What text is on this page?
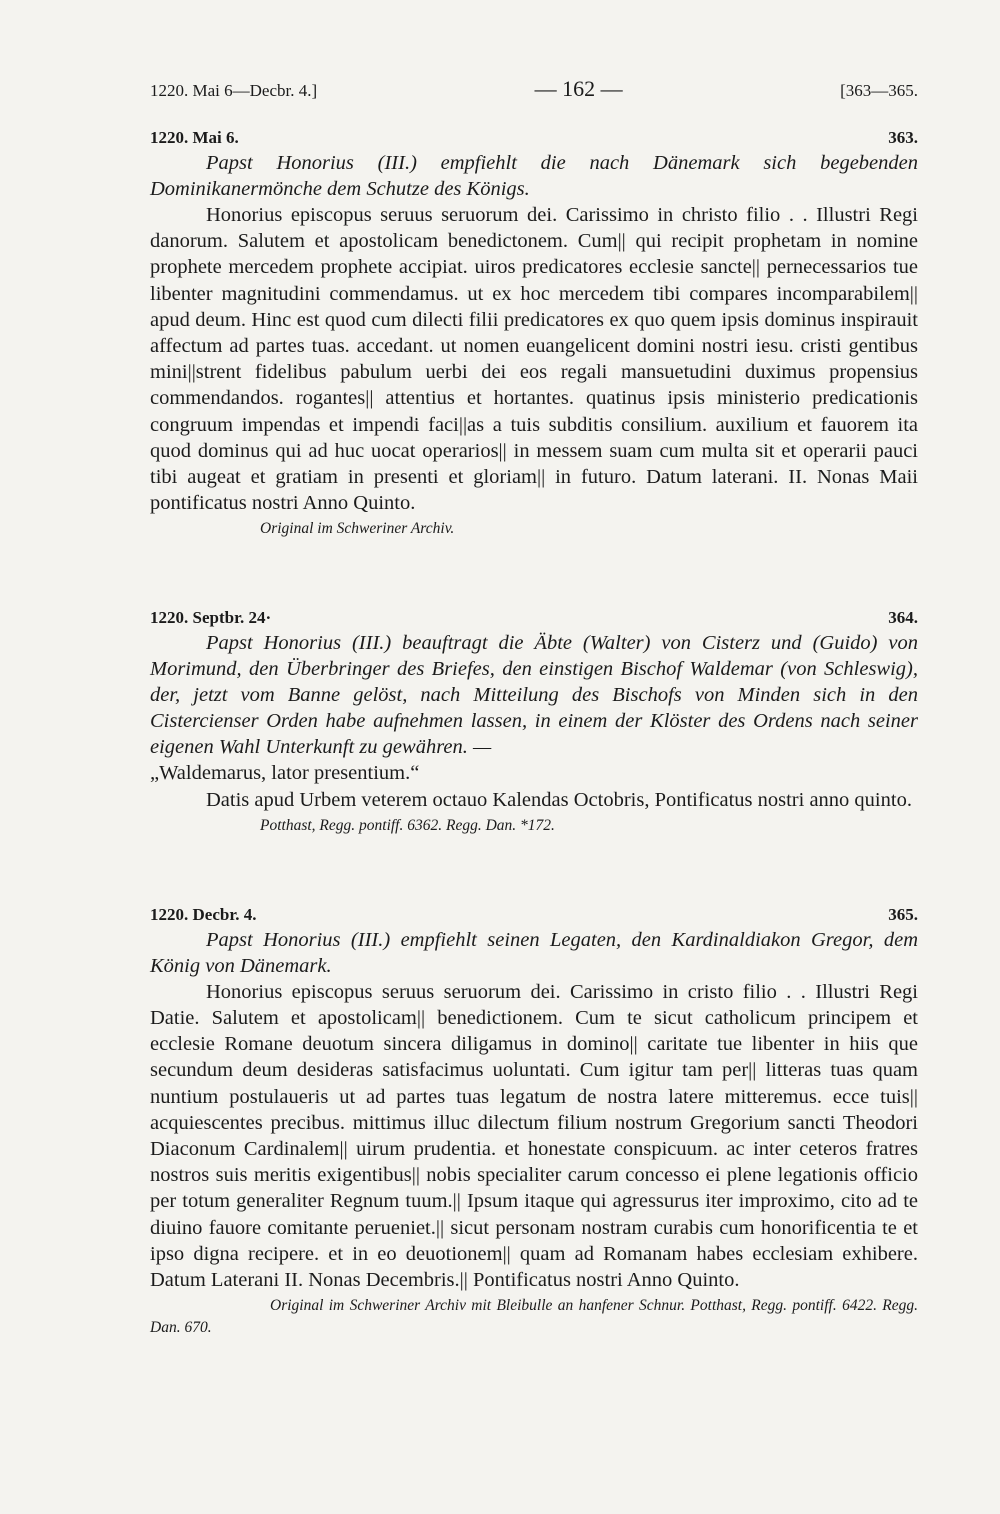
1220. Mai 6—Decbr. 4.]	— 162 —	[363—365.
1220. Mai 6.	363.
Papst Honorius (III.) empfiehlt die nach Dänemark sich begebenden Dominikanermönche dem Schutze des Königs.

Honorius episcopus seruus seruorum dei. Carissimo in christo filio . . Illustri Regi danorum. Salutem et apostolicam benedictonem. Cum|| qui recipit prophetam in nomine prophete mercedem prophete accipiat. uiros predicatores ecclesie sancte|| pernecessarios tue libenter magnitudini commendamus. ut ex hoc mercedem tibi compares incomparabilem|| apud deum. Hinc est quod cum dilecti filii predicatores ex quo quem ipsis dominus inspirauit affectum ad partes tuas. accedant. ut nomen euangelicent domini nostri iesu. cristi gentibus mini||strent fidelibus pabulum uerbi dei eos regali mansuetudini duximus propensius commendandos. rogantes|| attentius et hortantes. quatinus ipsis ministerio predicationis congruum impendas et impendi faci||as a tuis subditis consilium. auxilium et fauorem ita quod dominus qui ad huc uocat operarios|| in messem suam cum multa sit et operarii pauci tibi augeat et gratiam in presenti et gloriam|| in futuro. Datum laterani. II. Nonas Maii pontificatus nostri Anno Quinto.

Original im Schweriner Archiv.
1220. Septbr. 24·	364.
Papst Honorius (III.) beauftragt die Äbte (Walter) von Cisterz und (Guido) von Morimund, den Überbringer des Briefes, den einstigen Bischof Waldemar (von Schleswig), der, jetzt vom Banne gelöst, nach Mitteilung des Bischofs von Minden sich in den Cistercienser Orden habe aufnehmen lassen, in einem der Klöster des Ordens nach seiner eigenen Wahl Unterkunft zu gewähren. —

„Waldemarus, lator presentium.“

Datis apud Urbem veterem octauo Kalendas Octobris, Pontificatus nostri anno quinto.

Potthast, Regg. pontiff. 6362. Regg. Dan. *172.
1220. Decbr. 4.	365.
Papst Honorius (III.) empfiehlt seinen Legaten, den Kardinaldiakon Gregor, dem König von Dänemark.

Honorius episcopus seruus seruorum dei. Carissimo in cristo filio . . Illustri Regi Datie. Salutem et apostolicam|| benedictionem. Cum te sicut catholicum principem et ecclesie Romane deuotum sincera diligamus in domino|| caritate tue libenter in hiis que secundum deum desideras satisfacimus uoluntati. Cum igitur tam per|| litteras tuas quam nuntium postulaueris ut ad partes tuas legatum de nostra latere mitteremus. ecce tuis|| acquiescentes precibus. mittimus illuc dilectum filium nostrum Gregorium sancti Theodori Diaconum Cardinalem|| uirum prudentia. et honestate conspicuum. ac inter ceteros fratres nostros suis meritis exigentibus|| nobis specialiter carum concesso ei plene legationis officio per totum generaliter Regnum tuum.|| Ipsum itaque qui agressurus iter improximo, cito ad te diuino fauore comitante perueniet.|| sicut personam nostram curabis cum honorificentia te et ipso digna recipere. et in eo deuotionem|| quam ad Romanam habes ecclesiam exhibere. Datum Laterani II. Nonas Decembris.|| Pontificatus nostri Anno Quinto.

Original im Schweriner Archiv mit Bleibulle an hanfener Schnur. Potthast, Regg. pontiff. 6422. Regg. Dan. 670.
